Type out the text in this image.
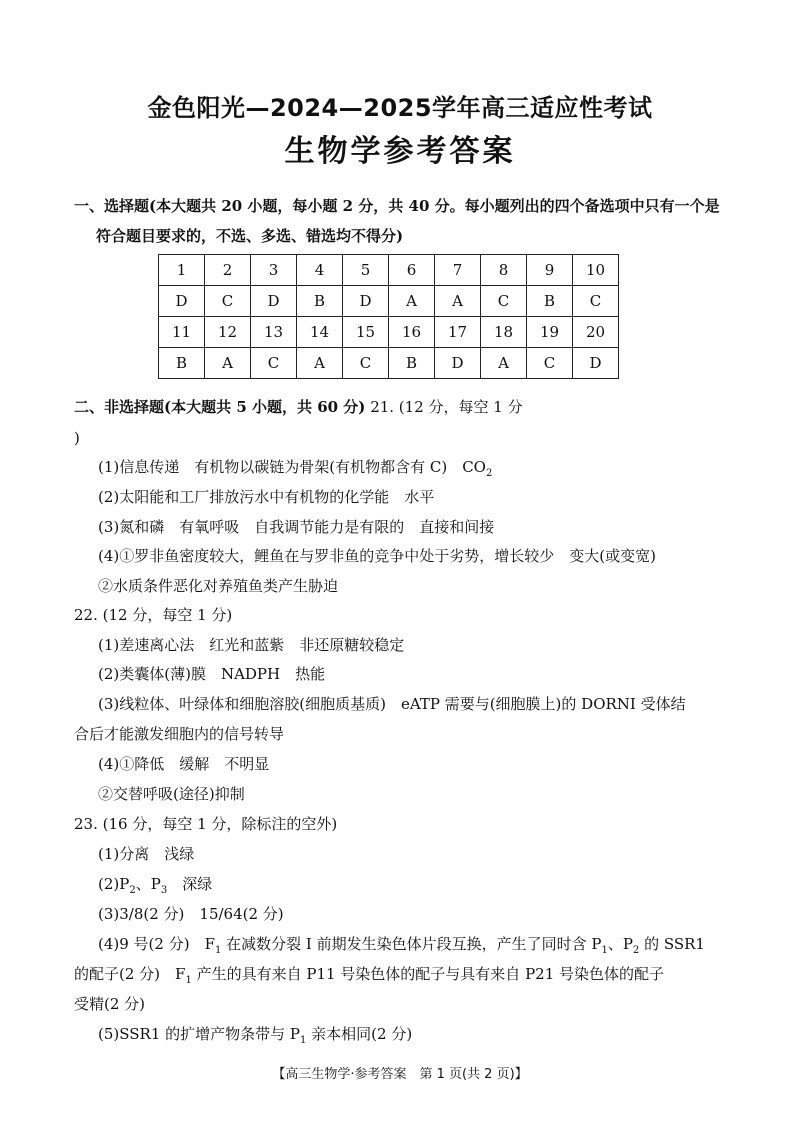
金色阳光—2024—2025学年高三适应性考试
生物学参考答案
一、选择题(本大题共 20 小题，每小题 2 分，共 40 分。每小题列出的四个备选项中只有一个是
符合题目要求的，不选、多选、错选均不得分)
1	2	3	4	5	6	7	8	9	10
D	C	D	B	D	A	A	C	B	C
11	12	13	14	15	16	17	18	19	20
B	A	C	A	C	B	D	A	C	D
二、非选择题(本大题共 5 小题，共 60 分) 21. (12 分，每空 1 分
)
(1)信息传递　有机物以碳链为骨架(有机物都含有 C)　$CO_2$
(2)太阳能和工厂排放污水中有机物的化学能　水平
(3)氮和磷　有氧呼吸　自我调节能力是有限的　直接和间接
(4)①罗非鱼密度较大，鲤鱼在与罗非鱼的竞争中处于劣势，增长较少　变大(或变宽)
②水质条件恶化对养殖鱼类产生胁迫
22. (12 分，每空 1 分)
(1)差速离心法　红光和蓝紫　非还原糖较稳定
(2)类囊体(薄)膜　NADPH　热能
(3)线粒体、叶绿体和细胞溶胶(细胞质基质)　eATP 需要与(细胞膜上)的 DORNI 受体结
合后才能激发细胞内的信号转导
(4)①降低　缓解　不明显
②交替呼吸(途径)抑制
23. (16 分，每空 1 分，除标注的空外)
(1)分离　浅绿
$(2)P_2$、$P_3$　深绿
(3)3/8(2 分)　15/64(2 分)
(4)9 号(2 分)　$F_1$ 在减数分裂 Ⅰ 前期发生染色体片段互换，产生了同时含 $P_1$、$P_2$ 的 SSR1
的配子(2 分)　$F_1$ 产生的具有来自 P11 号染色体的配子与具有来自 P21 号染色体的配子
受精(2 分)
(5)SSR1 的扩增产物条带与 $P_1$ 亲本相同(2 分)
【高三生物学·参考答案　第 1 页(共 2 页)】
